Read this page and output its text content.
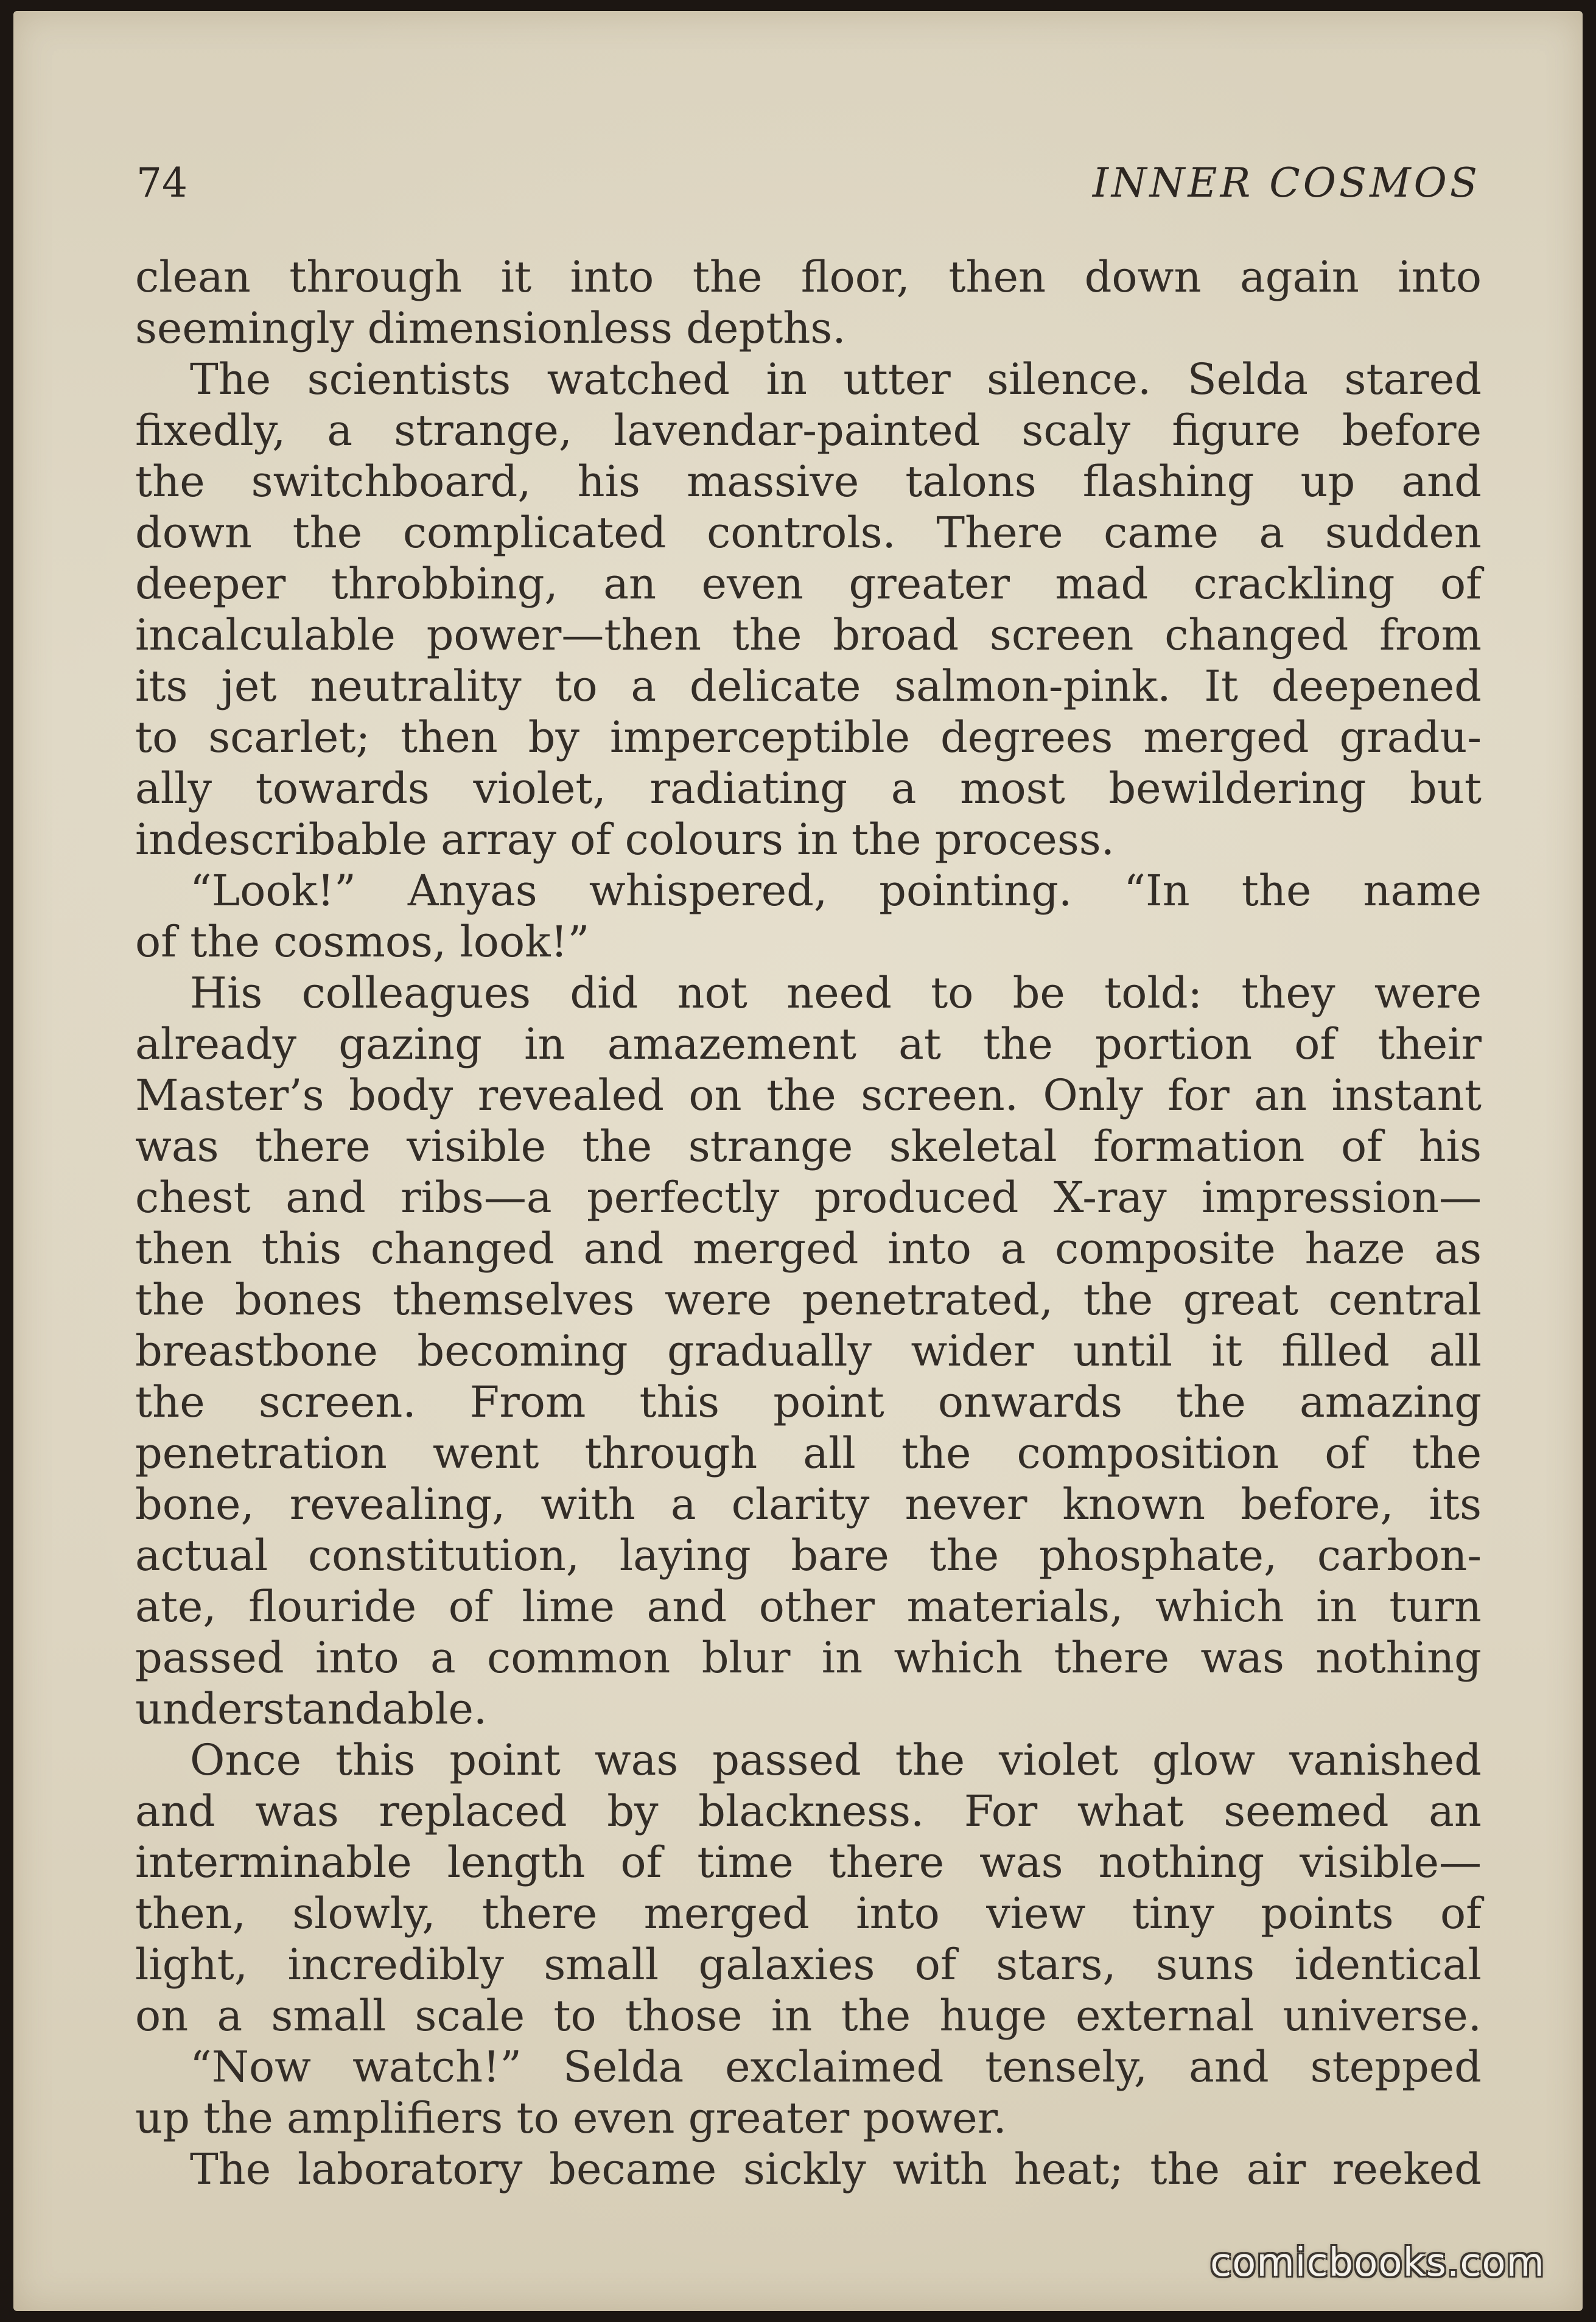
74	INNER COSMOS
clean through it into the floor, then down again into
seemingly dimensionless depths.
The scientists watched in utter silence. Selda stared
fixedly, a strange, lavendar-painted scaly figure before
the switchboard, his massive talons flashing up and
down the complicated controls. There came a sudden
deeper throbbing, an even greater mad crackling of
incalculable power—then the broad screen changed from
its jet neutrality to a delicate salmon-pink. It deepened
to scarlet; then by imperceptible degrees merged gradu-
ally towards violet, radiating a most bewildering but
indescribable array of colours in the process.
“Look!” Anyas whispered, pointing. “In the name
of the cosmos, look!”
His colleagues did not need to be told: they were
already gazing in amazement at the portion of their
Master’s body revealed on the screen. Only for an instant
was there visible the strange skeletal formation of his
chest and ribs—a perfectly produced X-ray impression—
then this changed and merged into a composite haze as
the bones themselves were penetrated, the great central
breastbone becoming gradually wider until it filled all
the screen. From this point onwards the amazing
penetration went through all the composition of the
bone, revealing, with a clarity never known before, its
actual constitution, laying bare the phosphate, carbon-
ate, flouride of lime and other materials, which in turn
passed into a common blur in which there was nothing
understandable.
Once this point was passed the violet glow vanished
and was replaced by blackness. For what seemed an
interminable length of time there was nothing visible—
then, slowly, there merged into view tiny points of
light, incredibly small galaxies of stars, suns identical
on a small scale to those in the huge external universe.
“Now watch!” Selda exclaimed tensely, and stepped
up the amplifiers to even greater power.
The laboratory became sickly with heat; the air reeked
comicbooks.com
